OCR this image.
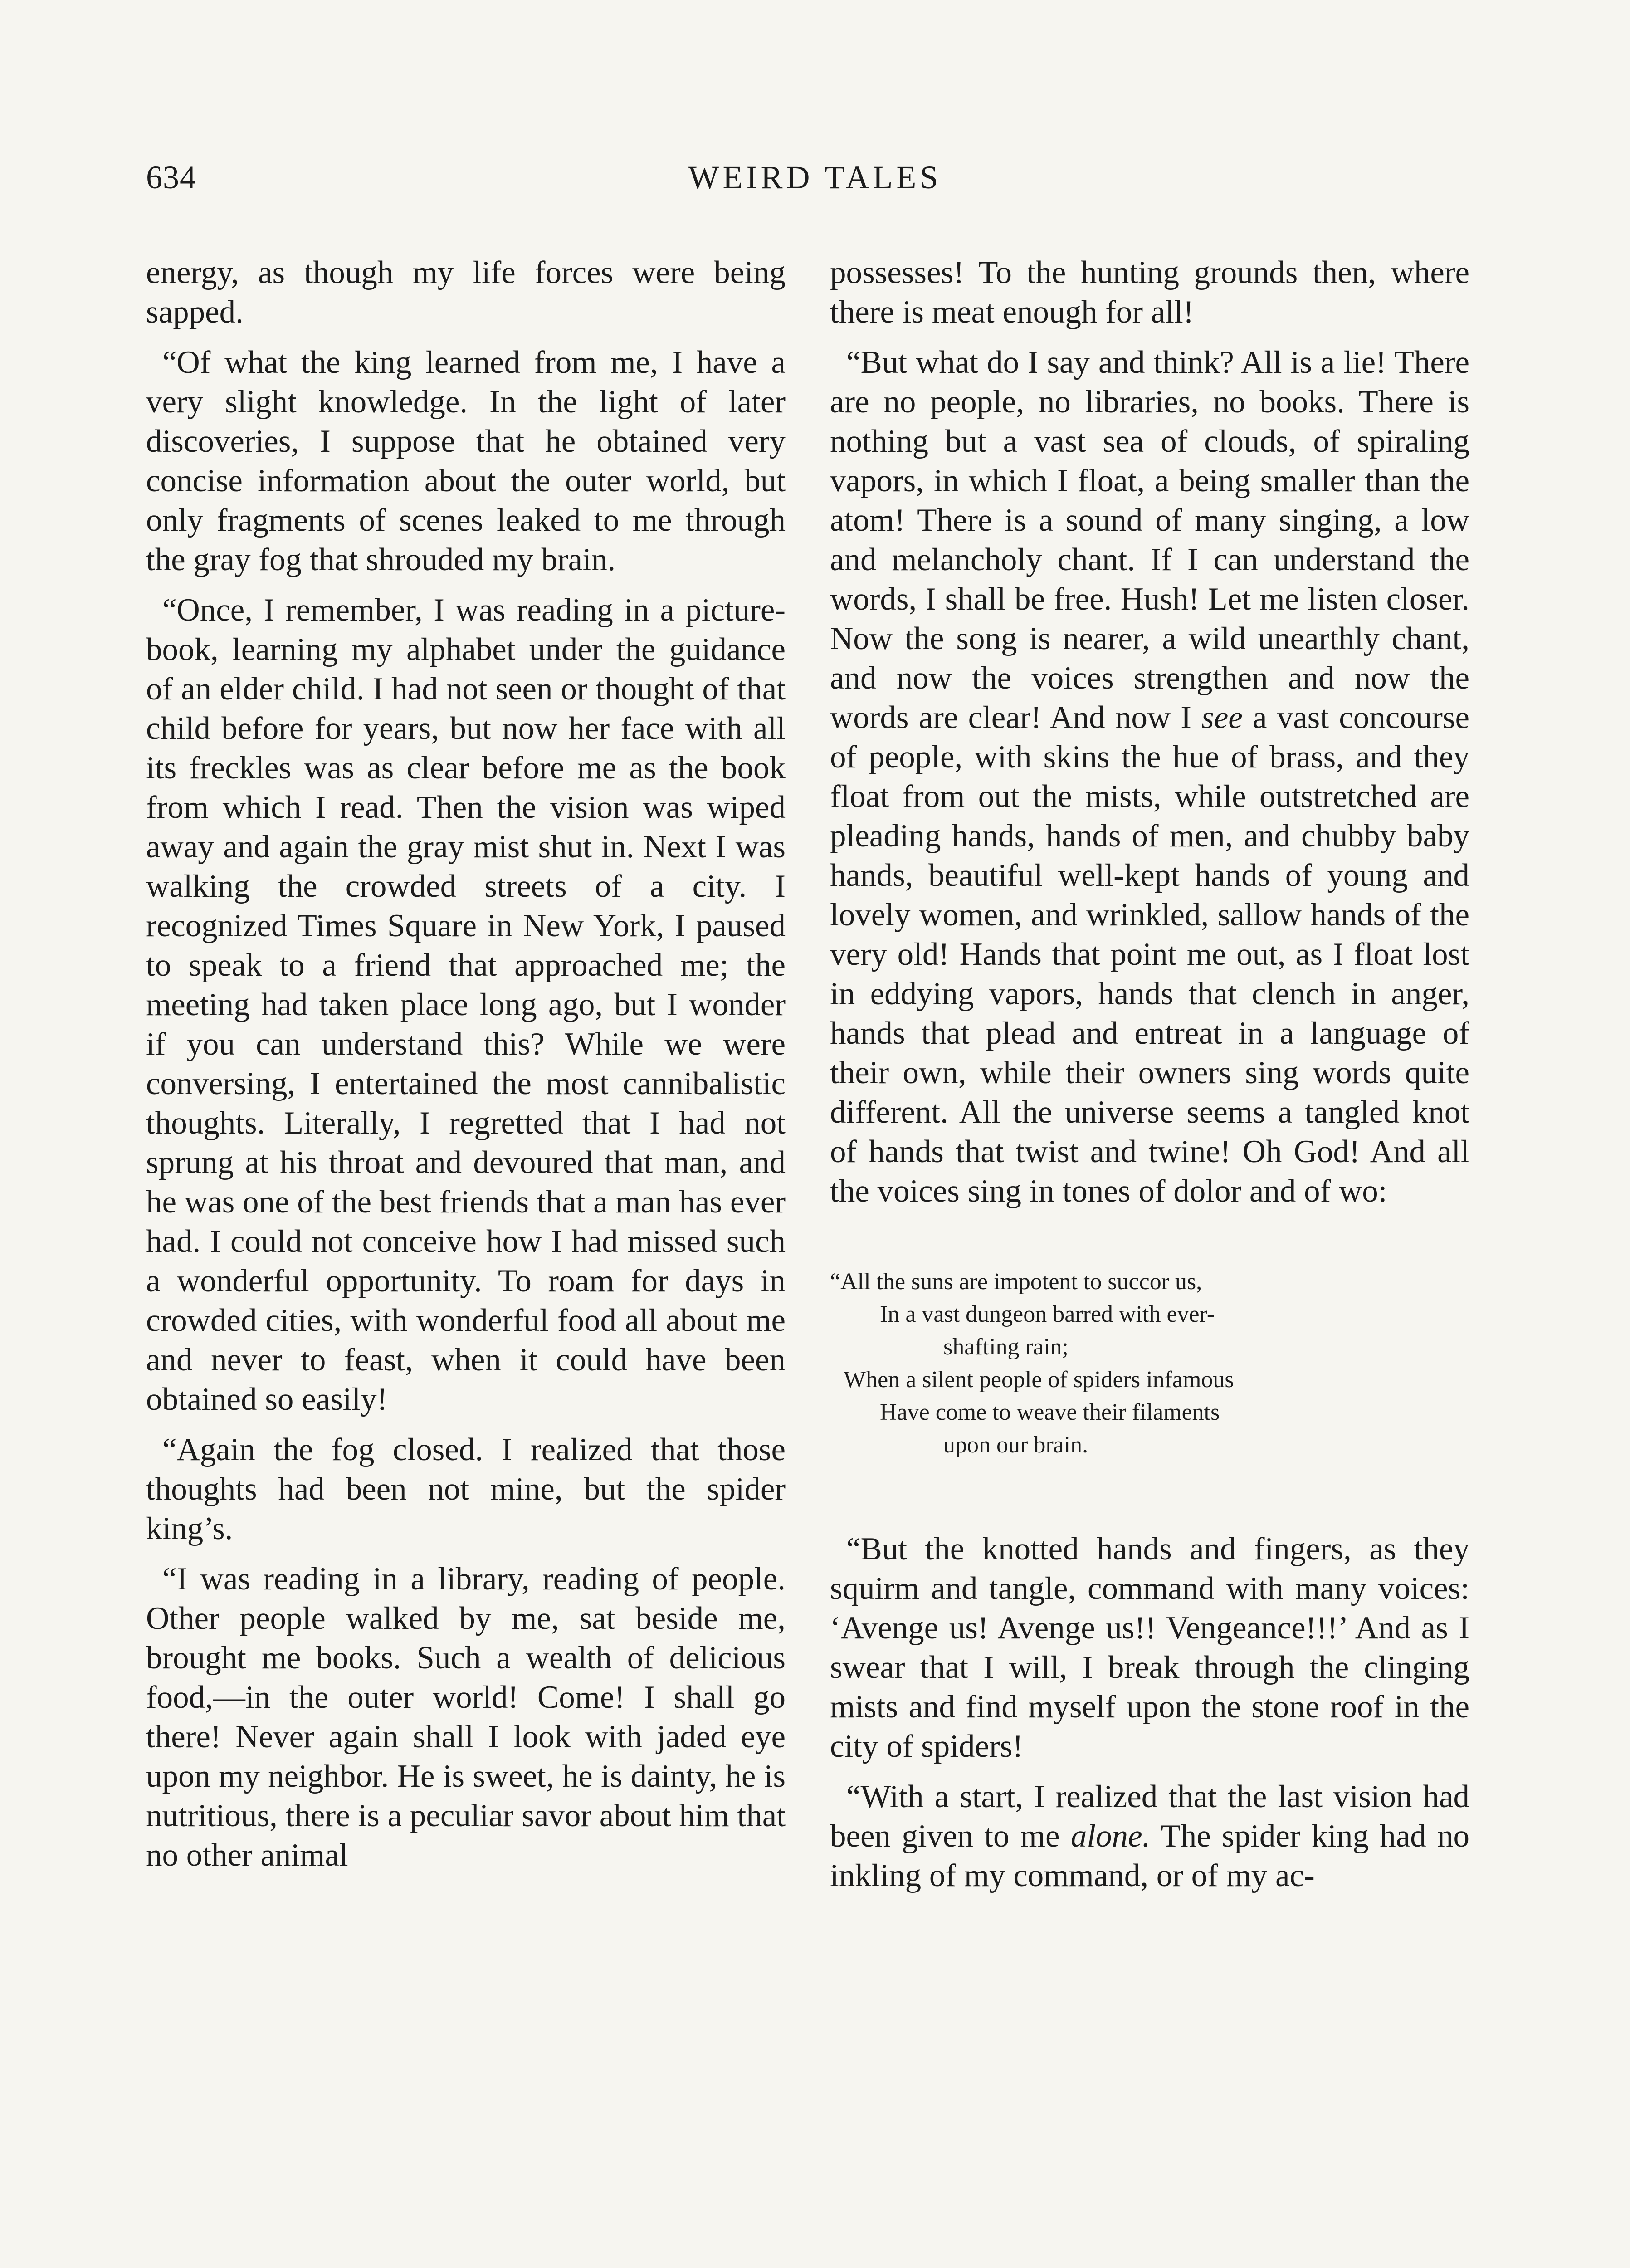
634	WEIRD TALES

energy, as though my life forces were being sapped.

“Of what the king learned from me, I have a very slight knowledge. In the light of later discoveries, I suppose that he obtained very concise information about the outer world, but only fragments of scenes leaked to me through the gray fog that shrouded my brain.

“Once, I remember, I was reading in a picture-book, learning my alphabet under the guidance of an elder child. I had not seen or thought of that child before for years, but now her face with all its freckles was as clear before me as the book from which I read. Then the vision was wiped away and again the gray mist shut in. Next I was walking the crowded streets of a city. I recognized Times Square in New York, I paused to speak to a friend that approached me; the meeting had taken place long ago, but I wonder if you can understand this? While we were conversing, I entertained the most cannibalistic thoughts. Literally, I regretted that I had not sprung at his throat and devoured that man, and he was one of the best friends that a man has ever had. I could not conceive how I had missed such a wonderful opportunity. To roam for days in crowded cities, with wonderful food all about me and never to feast, when it could have been obtained so easily!

“Again the fog closed. I realized that those thoughts had been not mine, but the spider king’s.

“I was reading in a library, reading of people. Other people walked by me, sat beside me, brought me books. Such a wealth of delicious food,—in the outer world! Come! I shall go there! Never again shall I look with jaded eye upon my neighbor. He is sweet, he is dainty, he is nutritious, there is a peculiar savor about him that no other animal

possesses! To the hunting grounds then, where there is meat enough for all!

“But what do I say and think? All is a lie! There are no people, no libraries, no books. There is nothing but a vast sea of clouds, of spiraling vapors, in which I float, a being smaller than the atom! There is a sound of many singing, a low and melancholy chant. If I can understand the words, I shall be free. Hush! Let me listen closer. Now the song is nearer, a wild unearthly chant, and now the voices strengthen and now the words are clear! And now I see a vast concourse of people, with skins the hue of brass, and they float from out the mists, while outstretched are pleading hands, hands of men, and chubby baby hands, beautiful well-kept hands of young and lovely women, and wrinkled, sallow hands of the very old! Hands that point me out, as I float lost in eddying vapors, hands that clench in anger, hands that plead and entreat in a language of their own, while their owners sing words quite different. All the universe seems a tangled knot of hands that twist and twine! Oh God! And all the voices sing in tones of dolor and of wo:

“All the suns are impotent to succor us,
In a vast dungeon barred with ever-
shafting rain;
When a silent people of spiders infamous
Have come to weave their filaments
upon our brain.

“But the knotted hands and fingers, as they squirm and tangle, command with many voices: ‘Avenge us! Avenge us!! Vengeance!!!’ And as I swear that I will, I break through the clinging mists and find myself upon the stone roof in the city of spiders!

“With a start, I realized that the last vision had been given to me alone. The spider king had no inkling of my command, or of my ac-
